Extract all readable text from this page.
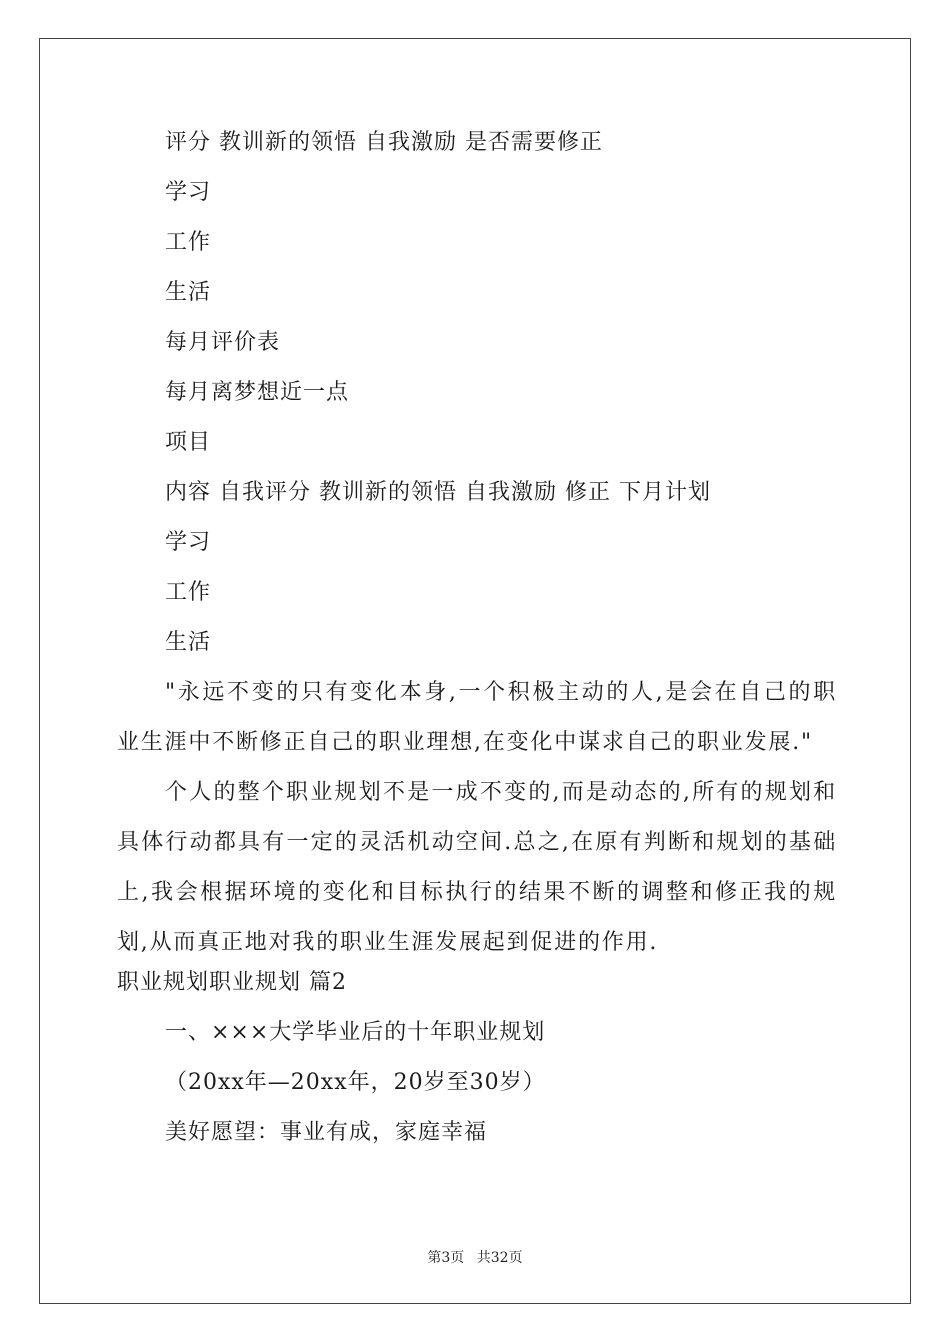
评分 教训新的领悟 自我激励 是否需要修正
学习
工作
生活
每月评价表
每月离梦想近一点
项目
内容 自我评分 教训新的领悟 自我激励 修正 下月计划
学习
工作
生活

"永远不变的只有变化本身,一个积极主动的人,是会在自己的职业生涯中不断修正自己的职业理想,在变化中谋求自己的职业发展."

个人的整个职业规划不是一成不变的,而是动态的,所有的规划和具体行动都具有一定的灵活机动空间.总之,在原有判断和规划的基础上,我会根据环境的变化和目标执行的结果不断的调整和修正我的规划,从而真正地对我的职业生涯发展起到促进的作用.

职业规划职业规划 篇2
一、×××大学毕业后的十年职业规划
（20xx年—20xx年，20岁至30岁）
美好愿望：事业有成，家庭幸福
第3页 共32页
